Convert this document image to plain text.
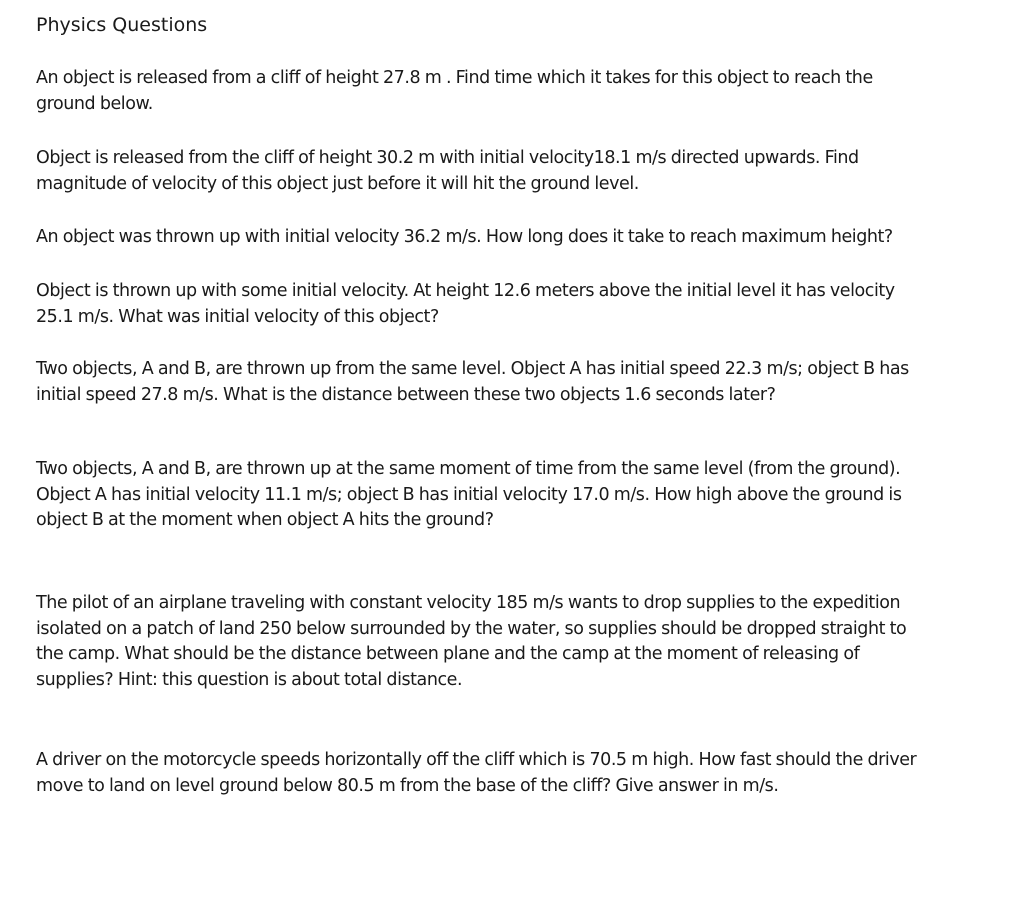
Physics Questions

An object is released from a cliff of height 27.8 m . Find time which it takes for this object to reach the
ground below.

Object is released from the cliff of height 30.2 m with initial velocity18.1 m/s directed upwards. Find
magnitude of velocity of this object just before it will hit the ground level.

An object was thrown up with initial velocity 36.2 m/s. How long does it take to reach maximum height?

Object is thrown up with some initial velocity. At height 12.6 meters above the initial level it has velocity
25.1 m/s. What was initial velocity of this object?

Two objects, A and B, are thrown up from the same level. Object A has initial speed 22.3 m/s; object B has
initial speed 27.8 m/s. What is the distance between these two objects 1.6 seconds later?

Two objects, A and B, are thrown up at the same moment of time from the same level (from the ground).
Object A has initial velocity 11.1 m/s; object B has initial velocity 17.0 m/s. How high above the ground is
object B at the moment when object A hits the ground?

The pilot of an airplane traveling with constant velocity 185 m/s wants to drop supplies to the expedition
isolated on a patch of land 250 below surrounded by the water, so supplies should be dropped straight to
the camp. What should be the distance between plane and the camp at the moment of releasing of
supplies? Hint: this question is about total distance.

A driver on the motorcycle speeds horizontally off the cliff which is 70.5 m high. How fast should the driver
move to land on level ground below 80.5 m from the base of the cliff? Give answer in m/s.
